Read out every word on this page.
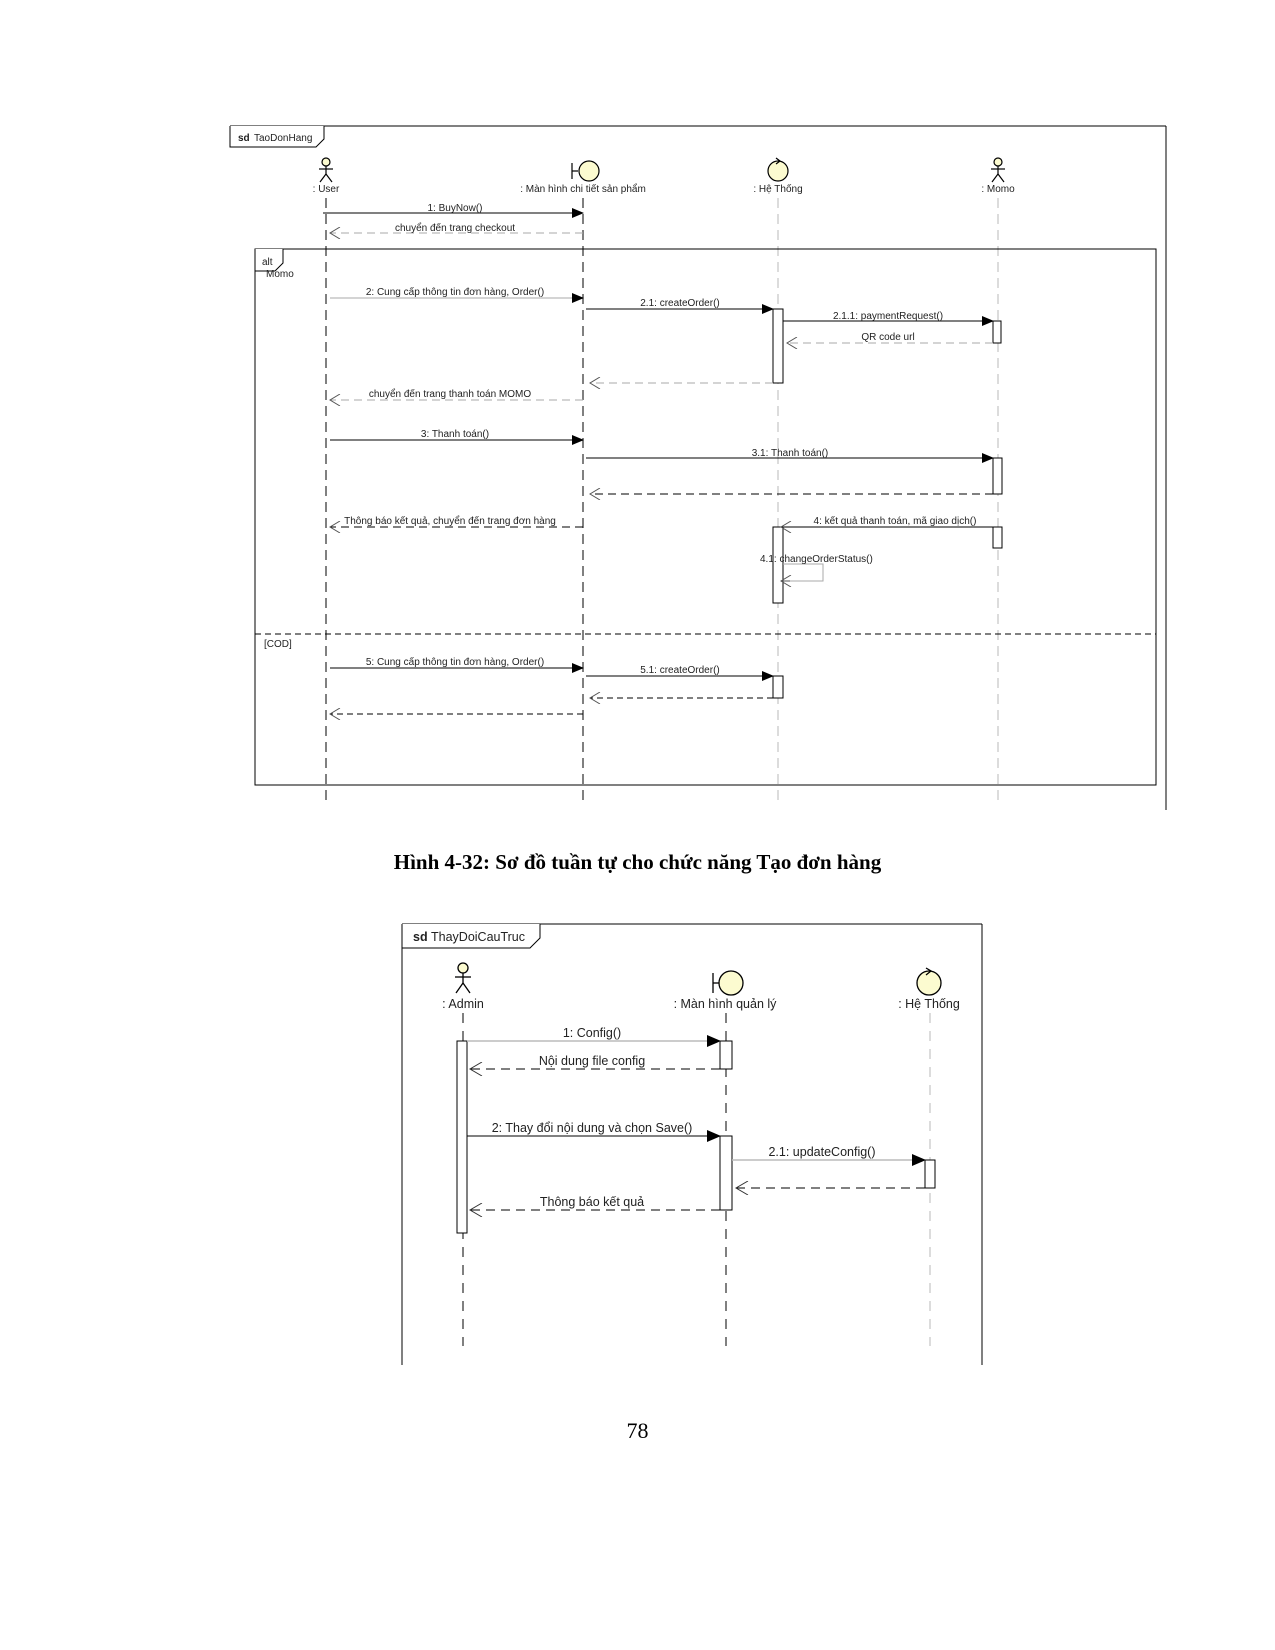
sd TaoDonHang
: User	: Màn hình chi tiết sản phẩm	: Hệ Thống	: Momo
alt
Momo
[COD]
1: BuyNow()
chuyển đến trang checkout
2: Cung cấp thông tin đơn hàng, Order()
2.1: createOrder()
2.1.1: paymentRequest()
QR code url
chuyển đến trang thanh toán MOMO
3: Thanh toán()
3.1: Thanh toán()
Thông báo kết quả, chuyển đến trang đơn hàng	4: kết quả thanh toán, mã giao dịch()
4.1: changeOrderStatus()
5: Cung cấp thông tin đơn hàng, Order()
5.1: createOrder()
Hình 4-32: Sơ đồ tuần tự cho chức năng Tạo đơn hàng
sd ThayDoiCauTruc
: Admin	: Màn hình quản lý	: Hệ Thống
1: Config()
Nội dung file config
2: Thay đổi nội dung và chọn Save()
2.1: updateConfig()
Thông báo kết quả
78
